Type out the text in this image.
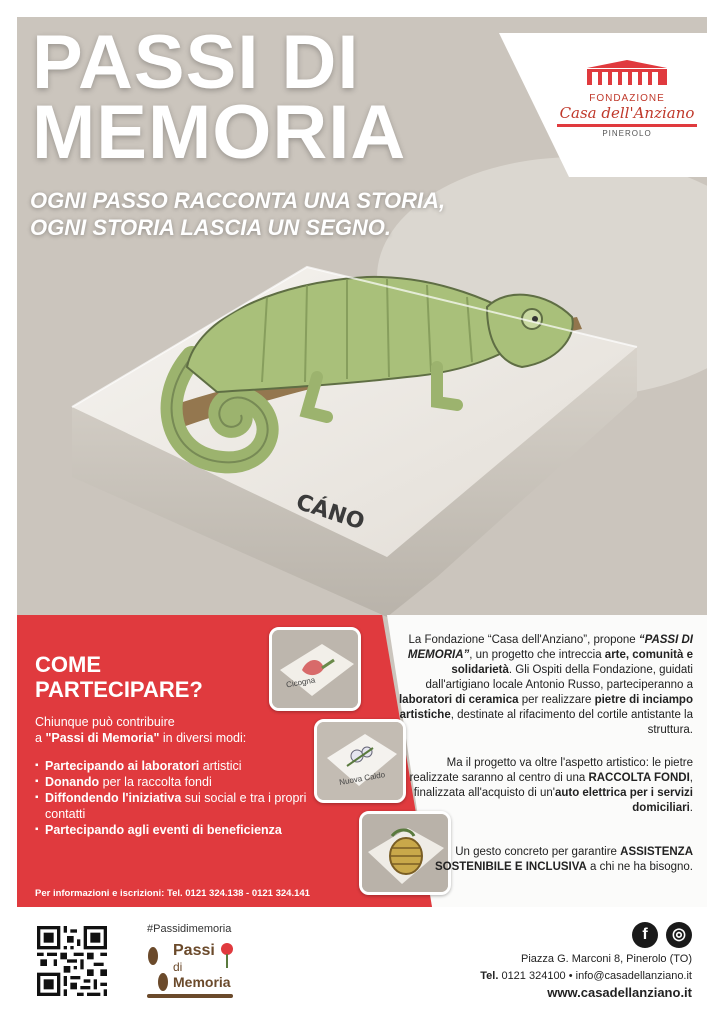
CÁNO
PASSI DI
MEMORIA
OGNI PASSO RACCONTA UNA STORIA,
OGNI STORIA LASCIA UN SEGNO.
FONDAZIONE
Casa dell'Anziano
PINEROLO
COME
PARTECIPARE?
Chiunque può contribuire
a "Passi di Memoria" in diversi modi:
▪ Partecipando ai laboratori artistici
▪ Donando per la raccolta fondi
▪ Diffondendo l'iniziativa sui social e tra i propri contatti
▪ Partecipando agli eventi di beneficienza
Per informazioni e iscrizioni: Tel. 0121 324.138 - 0121 324.141
Cicogna
Nuova Caldo
La Fondazione “Casa dell'Anziano”, propone “PASSI DI MEMORIA”, un progetto che intreccia arte, comunità e solidarietà. Gli Ospiti della Fondazione, guidati dall'artigiano locale Antonio Russo, parteciperanno a laboratori di ceramica per realizzare pietre di inciampo artistiche, destinate al rifacimento del cortile antistante la struttura.
Ma il progetto va oltre l'aspetto artistico: le pietre realizzate saranno al centro di una RACCOLTA FONDI, finalizzata all'acquisto di un'auto elettrica per i servizi domiciliari.
Un gesto concreto per garantire ASSISTENZA SOSTENIBILE E INCLUSIVA a chi ne ha bisogno.
#Passidimemoria
Passi
di
Memoria
f	◎
Piazza G. Marconi 8, Pinerolo (TO)
Tel. 0121 324100 • info@casadellanziano.it
www.casadellanziano.it
